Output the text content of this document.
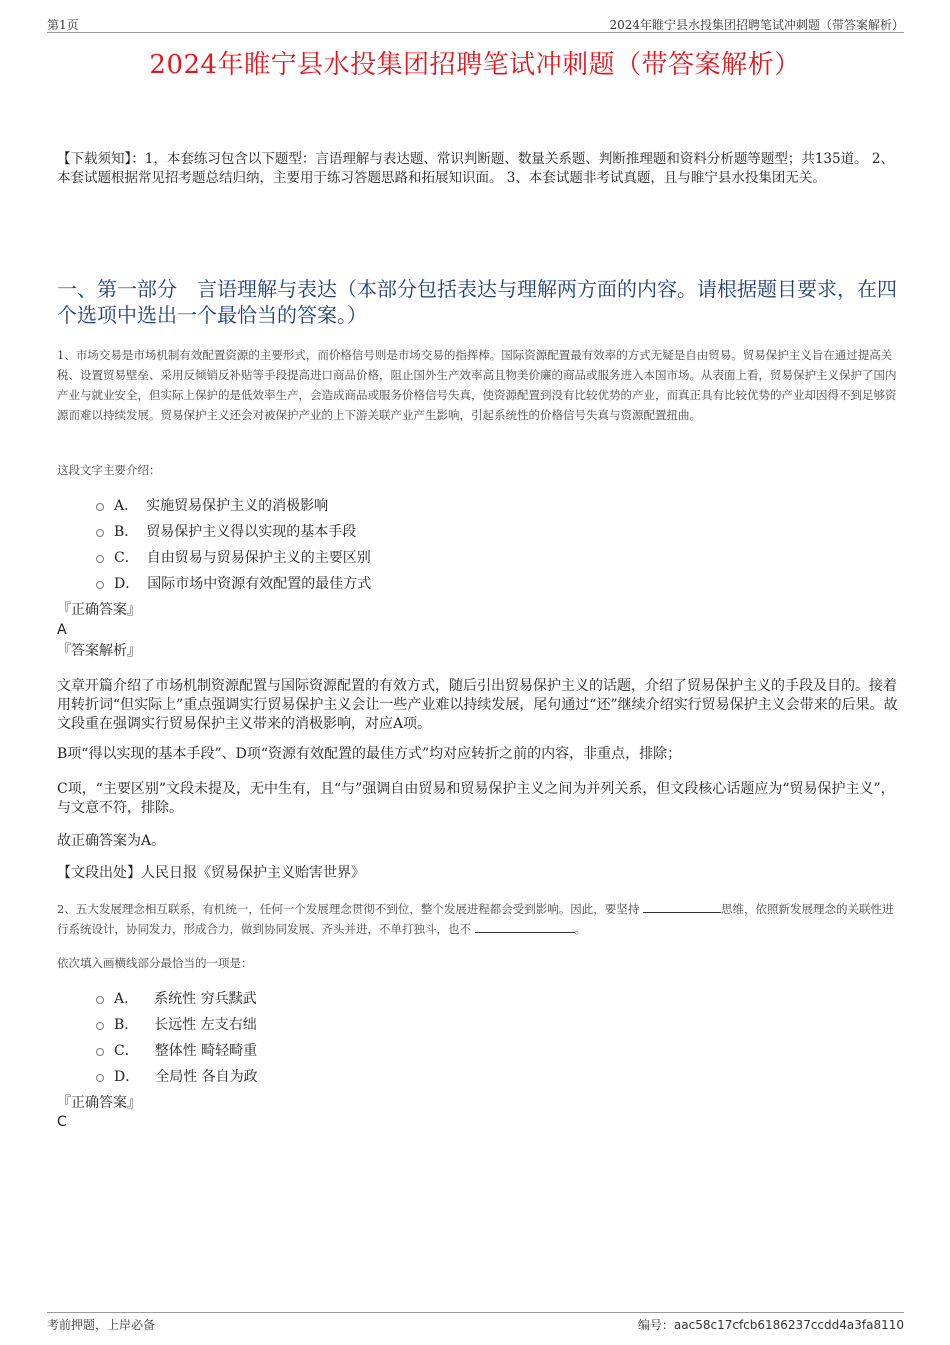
第1页	2024年睢宁县水投集团招聘笔试冲刺题（带答案解析）
2024年睢宁县水投集团招聘笔试冲刺题（带答案解析）
【下载须知】：1，本套练习包含以下题型：言语理解与表达题、常识判断题、数量关系题、判断推理题和资料分析题等题型；共135道。 2、本套试题根据常见招考题总结归纳，主要用于练习答题思路和拓展知识面。 3、本套试题非考试真题，且与睢宁县水投集团无关。
一、第一部分　言语理解与表达（本部分包括表达与理解两方面的内容。请根据题目要求，在四个选项中选出一个最恰当的答案。）
1、市场交易是市场机制有效配置资源的主要形式，而价格信号则是市场交易的指挥棒。国际资源配置最有效率的方式无疑是自由贸易。贸易保护主义旨在通过提高关税、设置贸易壁垒、采用反倾销反补贴等手段提高进口商品价格，阻止国外生产效率高且物美价廉的商品或服务进入本国市场。从表面上看，贸易保护主义保护了国内产业与就业安全，但实际上保护的是低效率生产，会造成商品或服务价格信号失真，使资源配置到没有比较优势的产业，而真正具有比较优势的产业却因得不到足够资源而难以持续发展。贸易保护主义还会对被保护产业的上下游关联产业产生影响，引起系统性的价格信号失真与资源配置扭曲。
这段文字主要介绍：
A． 实施贸易保护主义的消极影响
B． 贸易保护主义得以实现的基本手段
C． 自由贸易与贸易保护主义的主要区别
D． 国际市场中资源有效配置的最佳方式
『正确答案』
A
『答案解析』
文章开篇介绍了市场机制资源配置与国际资源配置的有效方式，随后引出贸易保护主义的话题，介绍了贸易保护主义的手段及目的。接着用转折词“但实际上”重点强调实行贸易保护主义会让一些产业难以持续发展，尾句通过“还”继续介绍实行贸易保护主义会带来的后果。故文段重在强调实行贸易保护主义带来的消极影响，对应A项。
B项“得以实现的基本手段”、D项“资源有效配置的最佳方式”均对应转折之前的内容，非重点，排除；
C项，“主要区别”文段未提及，无中生有，且“与”强调自由贸易和贸易保护主义之间为并列关系，但文段核心话题应为“贸易保护主义”，与文意不符，排除。
故正确答案为A。
【文段出处】人民日报《贸易保护主义贻害世界》
2、五大发展理念相互联系，有机统一，任何一个发展理念贯彻不到位，整个发展进程都会受到影响。因此，要坚持	思维，依照新发展理念的关联性进行系统设计，协同发力，形成合力，做到协同发展、齐头并进，不单打独斗，也不	。
依次填入画横线部分最恰当的一项是：
A． 系统性 穷兵黩武
B． 长远性 左支右绌
C． 整体性 畸轻畸重
D． 全局性 各自为政
『正确答案』
C
考前押题，上岸必备	编号：aac58c17cfcb6186237ccdd4a3fa8110
